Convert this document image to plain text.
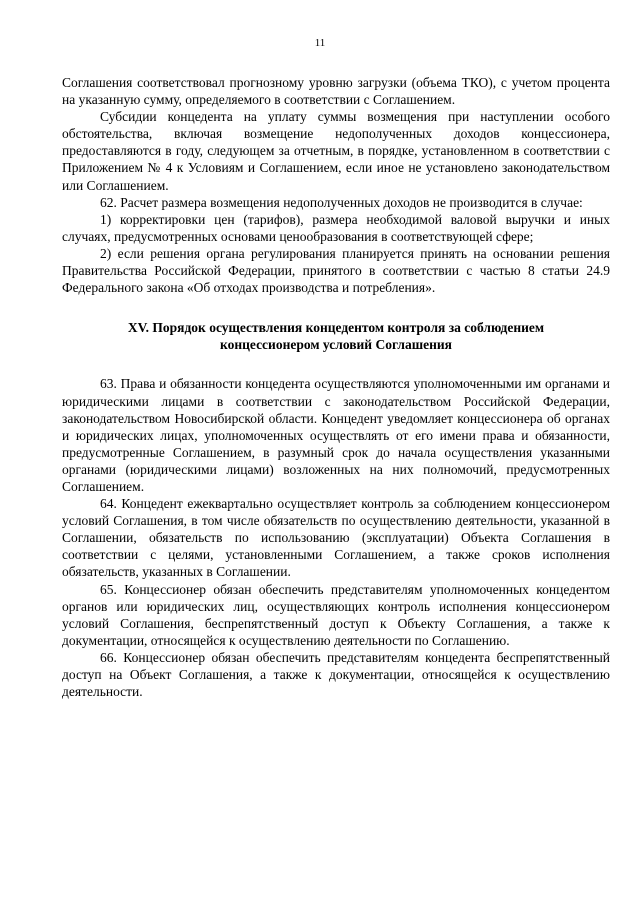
11

Соглашения соответствовал прогнозному уровню загрузки (объема ТКО), с учетом процента на указанную сумму, определяемого в соответствии с Соглашением.

Субсидии концедента на уплату суммы возмещения при наступлении особого обстоятельства, включая возмещение недополученных доходов концессионера, предоставляются в году, следующем за отчетным, в порядке, установленном в соответствии с Приложением № 4 к Условиям и Соглашением, если иное не установлено законодательством или Соглашением.

62. Расчет размера возмещения недополученных доходов не производится в случае:

1) корректировки цен (тарифов), размера необходимой валовой выручки и иных случаях, предусмотренных основами ценообразования в соответствующей сфере;

2) если решения органа регулирования планируется принять на основании решения Правительства Российской Федерации, принятого в соответствии с частью 8 статьи 24.9 Федерального закона «Об отходах производства и потребления».

XV. Порядок осуществления концедентом контроля за соблюдением
концессионером условий Соглашения

63. Права и обязанности концедента осуществляются уполномоченными им органами и юридическими лицами в соответствии с законодательством Российской Федерации, законодательством Новосибирской области. Концедент уведомляет концессионера об органах и юридических лицах, уполномоченных осуществлять от его имени права и обязанности, предусмотренные Соглашением, в разумный срок до начала осуществления указанными органами (юридическими лицами) возложенных на них полномочий, предусмотренных Соглашением.

64. Концедент ежеквартально осуществляет контроль за соблюдением концессионером условий Соглашения, в том числе обязательств по осуществлению деятельности, указанной в Соглашении, обязательств по использованию (эксплуатации) Объекта Соглашения в соответствии с целями, установленными Соглашением, а также сроков исполнения обязательств, указанных в Соглашении.

65. Концессионер обязан обеспечить представителям уполномоченных концедентом органов или юридических лиц, осуществляющих контроль исполнения концессионером условий Соглашения, беспрепятственный доступ к Объекту Соглашения, а также к документации, относящейся к осуществлению деятельности по Соглашению.

66. Концессионер обязан обеспечить представителям концедента беспрепятственный доступ на Объект Соглашения, а также к документации, относящейся к осуществлению деятельности.
